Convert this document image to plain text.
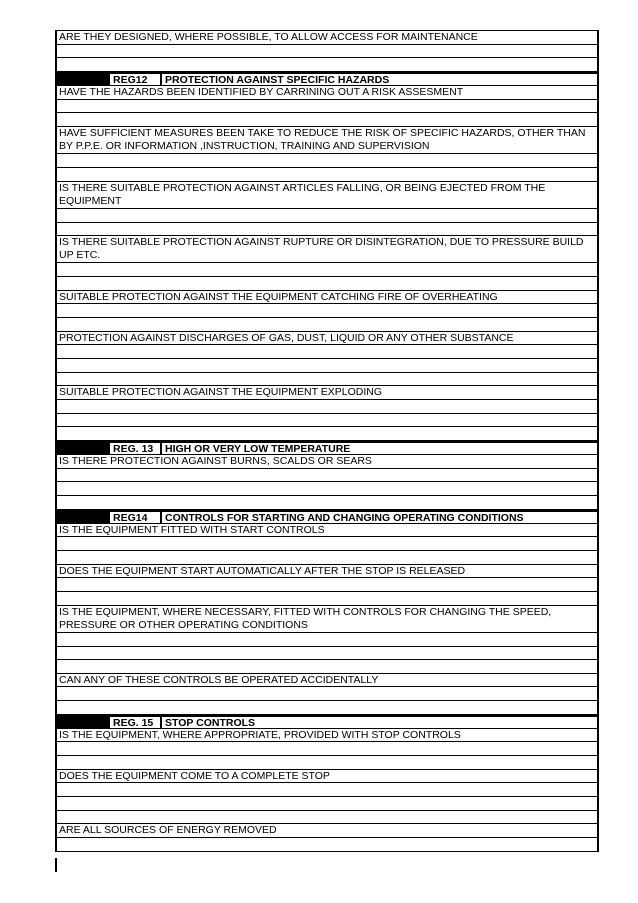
ARE THEY DESIGNED, WHERE POSSIBLE, TO ALLOW ACCESS FOR MAINTENANCE
REG12 PROTECTION AGAINST SPECIFIC HAZARDS
HAVE THE HAZARDS BEEN IDENTIFIED BY CARRINING OUT A RISK ASSESMENT
HAVE SUFFICIENT MEASURES BEEN TAKE TO REDUCE THE RISK OF SPECIFIC HAZARDS, OTHER THAN BY P.P.E. OR INFORMATION ,INSTRUCTION, TRAINING AND SUPERVISION
IS THERE SUITABLE PROTECTION AGAINST ARTICLES FALLING, OR BEING EJECTED FROM THE EQUIPMENT
IS THERE SUITABLE PROTECTION AGAINST RUPTURE OR DISINTEGRATION, DUE TO PRESSURE BUILD UP ETC.
SUITABLE PROTECTION AGAINST THE EQUIPMENT CATCHING FIRE OF OVERHEATING
PROTECTION AGAINST DISCHARGES OF GAS, DUST, LIQUID OR ANY OTHER SUBSTANCE
SUITABLE PROTECTION AGAINST THE EQUIPMENT EXPLODING
REG. 13 HIGH OR VERY LOW TEMPERATURE
IS THERE PROTECTION AGAINST BURNS, SCALDS OR SEARS
REG14 CONTROLS FOR STARTING AND CHANGING OPERATING CONDITIONS
IS THE EQUIPMENT FITTED WITH START CONTROLS
DOES THE EQUIPMENT START AUTOMATICALLY AFTER THE STOP IS RELEASED
IS THE EQUIPMENT, WHERE NECESSARY, FITTED WITH CONTROLS FOR CHANGING THE SPEED, PRESSURE OR OTHER OPERATING CONDITIONS
CAN ANY OF THESE CONTROLS BE OPERATED ACCIDENTALLY
REG. 15 STOP CONTROLS
IS THE EQUIPMENT, WHERE APPROPRIATE, PROVIDED WITH STOP CONTROLS
DOES THE EQUIPMENT COME TO A COMPLETE STOP
ARE ALL SOURCES OF ENERGY REMOVED
